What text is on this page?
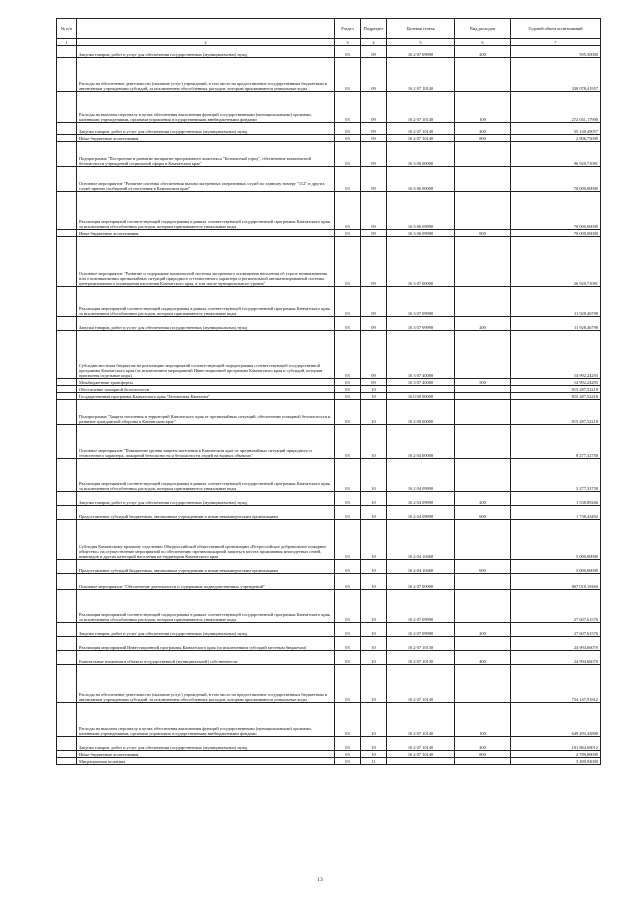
№ п/п		Раздел	Подраздел	Целевая статья	Вид расходов	Годовой объем ассигнований
1	2	3	4	5	6	7
	Закупка товаров, работ и услуг для обеспечения государственных (муниципальных) нужд	03	09	16 2 07 09990	200	595,50000
	Расходы на обеспечение деятельности (оказание услуг) учреждений, в том числе на предоставление государственным бюджетным и автономным учреждениям субсидий, за исключением обособленных расходов, которым присваиваются уникальные коды	03	09	16 2 07 10140		330 078,41957
	Расходы на выплаты персоналу в целях обеспечения выполнения функций государственными (муниципальными) органами, казенными учреждениями, органами управления государственными внебюджетными фондами	03	09	16 2 07 10140	100	272 031,17900
	Закупка товаров, работ и услуг для обеспечения государственных (муниципальных) нужд	03	09	16 2 07 10140	200	55 140,49057
	Иные бюджетные ассигнования	03	09	16 2 07 10140	800	2 906,75000
	Подпрограмма "Построение и развитие аппаратно-программного комплекса "Безопасный город", обеспечение комплексной безопасности учреждений социальной сферы в Камчатском крае"	03	09	16 3 00 00000		96 920,71091
	Основное мероприятие "Развитие системы обеспечения вызова экстренных оперативных служб по единому номеру "112" и других служб приема сообщений от населения в Камчатском крае"	03	09	16 3 06 00000		70 000,00000
	Реализация мероприятий соответствующей подпрограммы в рамках соответствующей государственной программы Камчатского края, за исключением обособленных расходов, которым присваиваются уникальные коды	03	09	16 3 06 09990		70 000,00000
	Иные бюджетные ассигнования	03	09	16 3 06 09990	800	70 000,00000
	Основное мероприятие "Развитие и содержание комплексной системы экстренного оповещения населения об угрозе возникновения или о возникновении чрезвычайных ситуаций природного и техногенного характера и региональной автоматизированной системы централизованного оповещения населения Камчатского края, в том числе муниципального уровня"	03	09	16 3 07 00000		26 920,71091
	Реализация мероприятий соответствующей подпрограммы в рамках соответствующей государственной программы Камчатского края, за исключением обособленных расходов, которым присваиваются уникальные коды	03	09	16 3 07 09990		11 928,46798
	Закупка товаров, работ и услуг для обеспечения государственных (муниципальных) нужд	03	09	16 3 07 09990	200	11 928,46798
	Субсидии местным бюджетам на реализацию мероприятий соответствующей подпрограммы соответствующей государственной программы Камчатского края (за исключением мероприятий Инвестиционной программы Камчатского края и субсидий, которым присвоены отдельные коды)	03	09	16 3 07 40080		14 992,24293
	Межбюджетные трансферты	03	09	16 3 07 40080	500	14 992,24293
	Обеспечение пожарной безопасности	03	10			815 287,52218
	Государственная программа Камчатского края "Безопасная Камчатка"	03	10	16 0 00 00000		815 287,52218
	Подпрограмма "Защита населения и территорий Камчатского края от чрезвычайных ситуаций, обеспечение пожарной безопасности и развитие гражданской обороны в Камчатском крае"	03	10	16 2 00 00000		815 287,52218
	Основное мероприятие "Повышение уровня защиты населения в Камчатском крае от чрезвычайных ситуаций природного и техногенного характера, пожарной безопасности и безопасности людей на водных объектах"	03	10	16 2 04 00000		8 277,32758
	Реализация мероприятий соответствующей подпрограммы в рамках соответствующей государственной программы Камчатского края, за исключением обособленных расходов, которым присваиваются уникальные коды	03	10	16 2 04 09990		3 277,32758
	Закупка товаров, работ и услуг для обеспечения государственных (муниципальных) нужд	03	10	16 2 04 09990	200	1 538,89266
	Предоставление субсидий бюджетным, автономным учреждениям и иным некоммерческим организациям	03	10	16 2 04 09990	600	1 738,43492
	Субсидия Камчатскому краевому отделению Общероссийской общественной организации «Всероссийское добровольное пожарное общество» на осуществление мероприятий по обеспечению противопожарной защиты в местах проживания многодетных семей, инвалидов и других категорий населения на территории Камчатского края	03	10	16 2 04 10460		5 000,00000
	Предоставление субсидий бюджетным, автономным учреждениям и иным некоммерческим организациям	03	10	16 2 04 10460	600	5 000,00000
	Основное мероприятие "Обеспечение деятельности и содержание подведомственных учреждений"	03	10	16 2 07 00000		807 010,19460
	Реализация мероприятий соответствующей подпрограммы в рамках соответствующей государственной программы Камчатского края, за исключением обособленных расходов, которым присваиваются уникальные коды	03	10	16 2 07 09990		27 607,61576
	Закупка товаров, работ и услуг для обеспечения государственных (муниципальных) нужд	03	10	16 2 07 09990	200	27 607,61576
	Реализация мероприятий Инвестиционной программы Камчатского края (за исключением субсидий местным бюджетам)	03	10	16 2 07 10130		24 994,66070
	Капитальные вложения в объекты государственной (муниципальной) собственности	03	10	16 2 07 10130	400	24 994,66070
	Расходы на обеспечение деятельности (оказание услуг) учреждений, в том числе на предоставление государственным бюджетным и автономным учреждениям субсидий, за исключением обособленных расходов, которым присваиваются уникальные коды	03	10	16 2 07 10140		754 147,91812
	Расходы на выплаты персоналу в целях обеспечения выполнения функций государственными (муниципальными) органами, казенными учреждениями, органами управления государственными внебюджетными фондами	03	10	16 2 07 10140	100	649 493,43800
	Закупка товаров, работ и услуг для обеспечения государственных (муниципальных) нужд	03	10	16 2 07 10140	200	101 864,68012
	Иные бюджетные ассигнования	03	10	16 2 07 10140	800	2 789,80000
	Миграционная политика	03	11			3 490,94000
13
